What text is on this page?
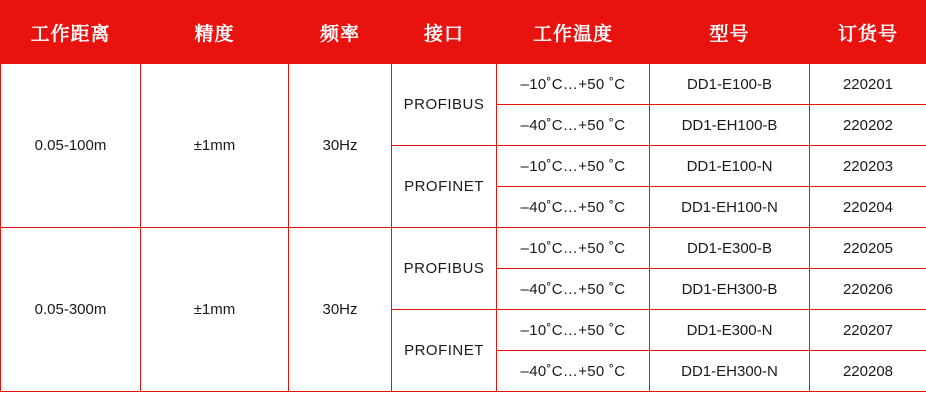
工作距离	精度	频率	接口	工作温度	型号	订货号
0.05-100m	±1mm	30Hz	PROFIBUS	–10˚C…+50 ˚C	DD1-E100-B	220201
				–40˚C…+50 ˚C	DD1-EH100-B	220202
			PROFINET	–10˚C…+50 ˚C	DD1-E100-N	220203
				–40˚C…+50 ˚C	DD1-EH100-N	220204
0.05-300m	±1mm	30Hz	PROFIBUS	–10˚C…+50 ˚C	DD1-E300-B	220205
				–40˚C…+50 ˚C	DD1-EH300-B	220206
			PROFINET	–10˚C…+50 ˚C	DD1-E300-N	220207
				–40˚C…+50 ˚C	DD1-EH300-N	220208
